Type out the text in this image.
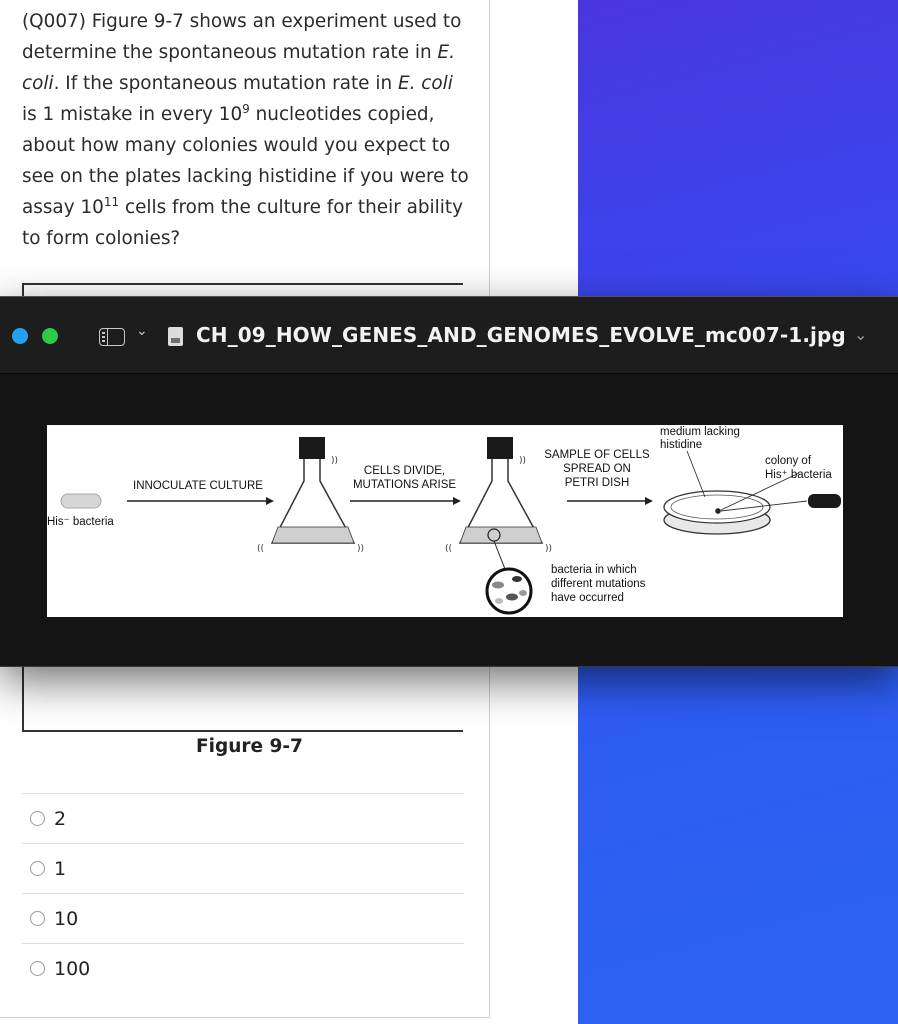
(Q007) Figure 9-7 shows an experiment used to determine the spontaneous mutation rate in E. coli. If the spontaneous mutation rate in E. coli is 1 mistake in every $10^9$ nucleotides copied, about how many colonies would you expect to see on the plates lacking histidine if you were to assay $10^{11}$ cells from the culture for their ability to form colonies?

Figure 9-7
2
1
10
100
⌄ CH_09_HOW_GENES_AND_GENOMES_EVOLVE_mc007-1.jpg ⌄
))
((	))
))
((	))
His⁻ bacteria
INNOCULATE CULTURE
CELLS DIVIDE,
MUTATIONS ARISE
SAMPLE OF CELLS
SPREAD ON
PETRI DISH
medium lacking
histidine
colony of
His⁺ bacteria
bacteria in which
different mutations
have occurred
